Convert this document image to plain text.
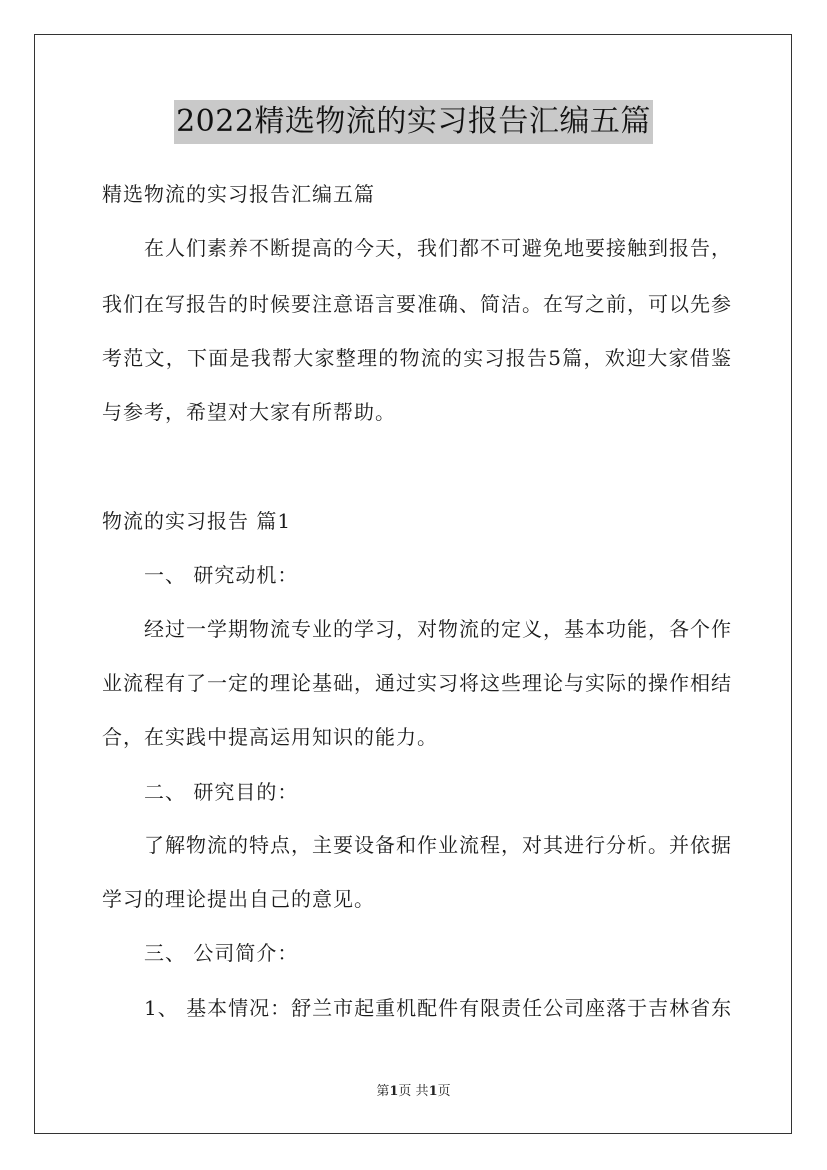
2022精选物流的实习报告汇编五篇
精选物流的实习报告汇编五篇
在人们素养不断提高的今天，我们都不可避免地要接触到报告，
我们在写报告的时候要注意语言要准确、简洁。在写之前，可以先参
考范文，下面是我帮大家整理的物流的实习报告5篇，欢迎大家借鉴
与参考，希望对大家有所帮助。
物流的实习报告 篇1
一、 研究动机：
经过一学期物流专业的学习，对物流的定义，基本功能，各个作
业流程有了一定的理论基础，通过实习将这些理论与实际的操作相结
合，在实践中提高运用知识的能力。
二、 研究目的：
了解物流的特点，主要设备和作业流程，对其进行分析。并依据
学习的理论提出自己的意见。
三、 公司简介：
1、 基本情况：舒兰市起重机配件有限责任公司座落于吉林省东
第1页 共1页
